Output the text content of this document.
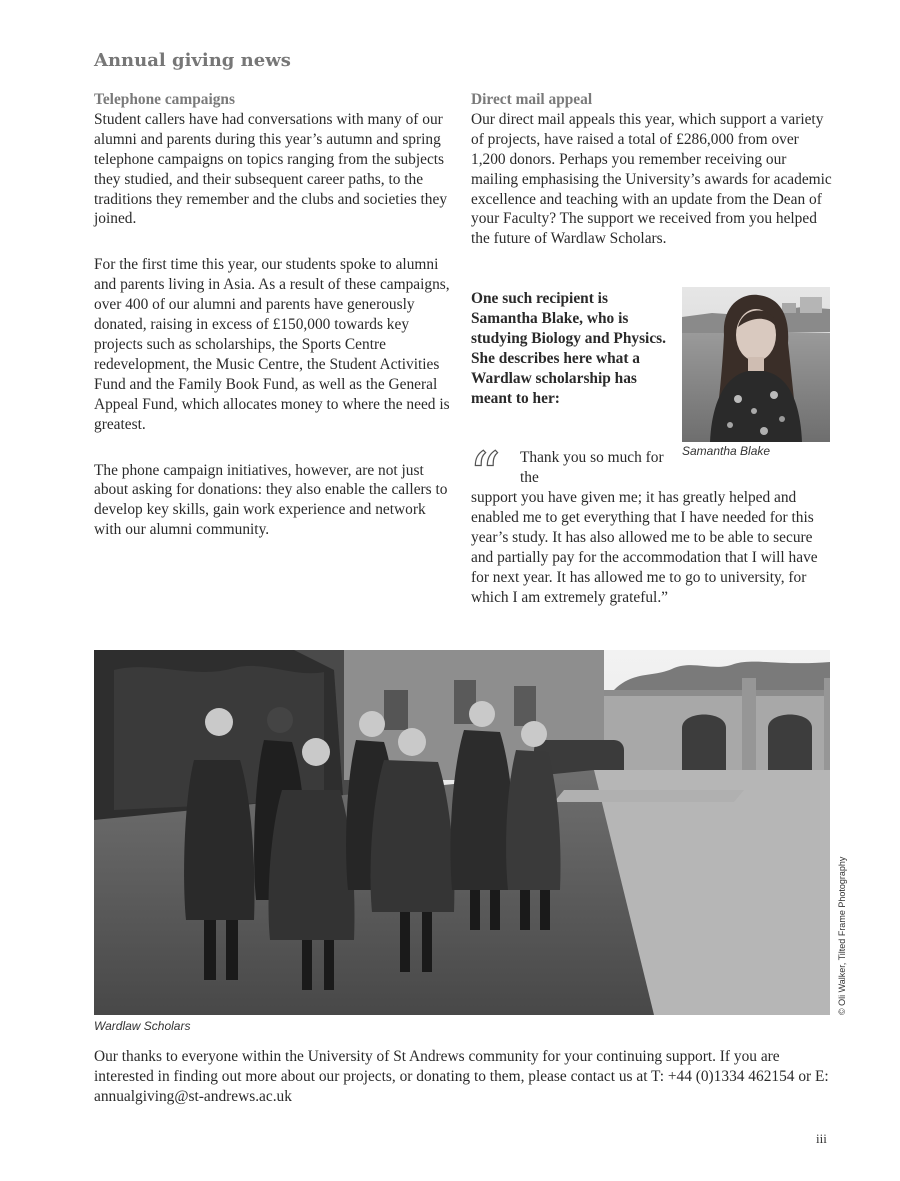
Annual giving news

Telephone campaigns

Student callers have had conversations with many of our alumni and parents during this year’s autumn and spring telephone campaigns on topics ranging from the subjects they studied, and their subsequent career paths, to the traditions they remember and the clubs and societies they joined.

For the first time this year, our students spoke to alumni and parents living in Asia. As a result of these campaigns, over 400 of our alumni and parents have generously donated, raising in excess of £150,000 towards key projects such as scholarships, the Sports Centre redevelopment, the Music Centre, the Student Activities Fund and the Family Book Fund, as well as the General Appeal Fund, which allocates money to where the need is greatest.

The phone campaign initiatives, however, are not just about asking for donations: they also enable the callers to develop key skills, gain work experience and network with our alumni community.

Direct mail appeal

Our direct mail appeals this year, which support a variety of projects, have raised a total of £286,000 from over 1,200 donors. Perhaps you remember receiving our mailing emphasising the University’s awards for academic excellence and teaching with an update from the Dean of your Faculty? The support we received from you helped the future of Wardlaw Scholars.

One such recipient is Samantha Blake, who is studying Biology and Physics. She describes here what a Wardlaw scholarship has meant to her:
Samantha Blake
“ Thank you so much for the
support you have given me; it has greatly helped and enabled me to get everything that I have needed for this year’s study. It has also allowed me to be able to secure and partially pay for the accommodation that I will have for next year. It has allowed me to go to university, for which I am extremely grateful.”
© Oli Walker, Tilted Frame Photography
Wardlaw Scholars
Our thanks to everyone within the University of St Andrews community for your continuing support. If you are interested in finding out more about our projects, or donating to them, please contact us at T: +44 (0)1334 462154 or E: annualgiving@st-andrews.ac.uk
iii
